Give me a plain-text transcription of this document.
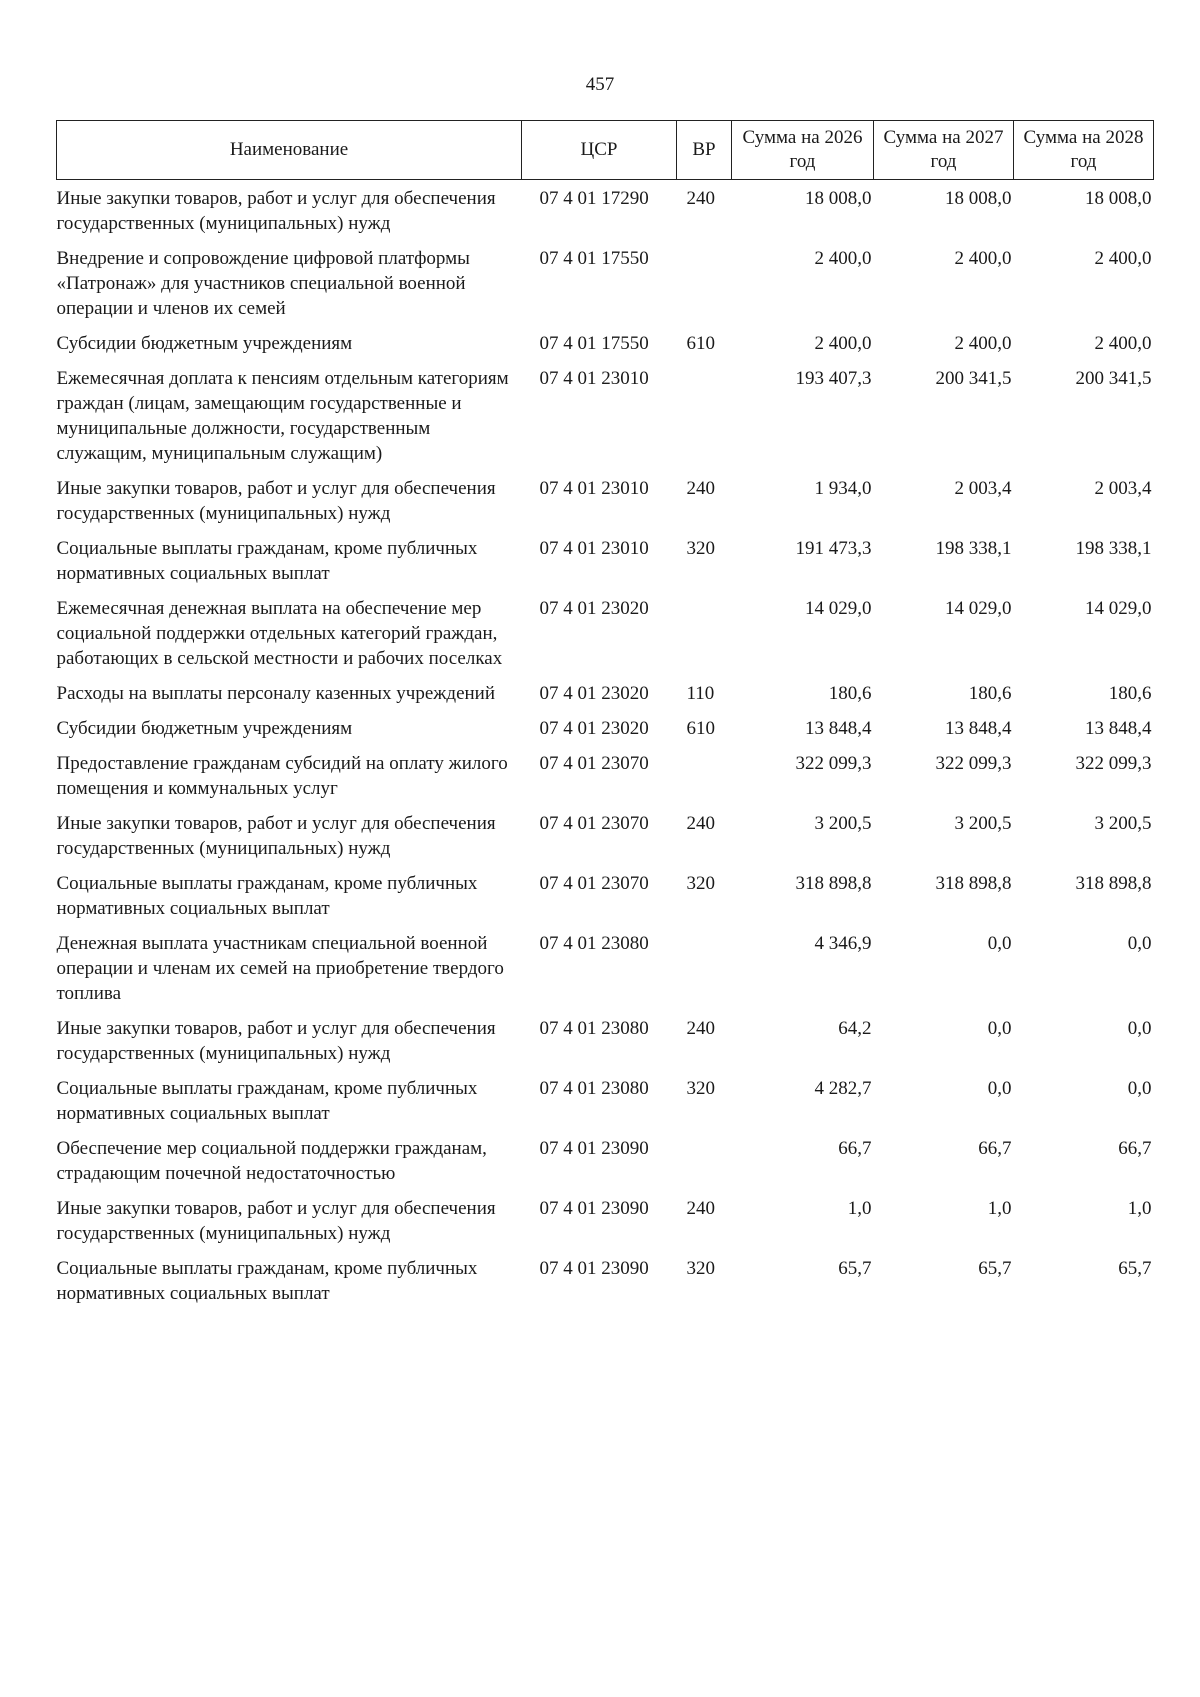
457
Наименование	ЦСР	ВР	Сумма на 2026 год	Сумма на 2027 год	Сумма на 2028 год
Иные закупки товаров, работ и услуг для обеспечения государственных (муниципальных) нужд	07 4 01 17290	240	18 008,0	18 008,0	18 008,0
Внедрение и сопровождение цифровой платформы «Патронаж» для участников специальной военной операции и членов их семей	07 4 01 17550		2 400,0	2 400,0	2 400,0
Субсидии бюджетным учреждениям	07 4 01 17550	610	2 400,0	2 400,0	2 400,0
Ежемесячная доплата к пенсиям отдельным категориям граждан (лицам, замещающим государственные и муниципальные должности, государственным служащим, муниципальным служащим)	07 4 01 23010		193 407,3	200 341,5	200 341,5
Иные закупки товаров, работ и услуг для обеспечения государственных (муниципальных) нужд	07 4 01 23010	240	1 934,0	2 003,4	2 003,4
Социальные выплаты гражданам, кроме публичных нормативных социальных выплат	07 4 01 23010	320	191 473,3	198 338,1	198 338,1
Ежемесячная денежная выплата на обеспечение мер социальной поддержки отдельных категорий граждан, работающих в сельской местности и рабочих поселках	07 4 01 23020		14 029,0	14 029,0	14 029,0
Расходы на выплаты персоналу казенных учреждений	07 4 01 23020	110	180,6	180,6	180,6
Субсидии бюджетным учреждениям	07 4 01 23020	610	13 848,4	13 848,4	13 848,4
Предоставление гражданам субсидий на оплату жилого помещения и коммунальных услуг	07 4 01 23070		322 099,3	322 099,3	322 099,3
Иные закупки товаров, работ и услуг для обеспечения государственных (муниципальных) нужд	07 4 01 23070	240	3 200,5	3 200,5	3 200,5
Социальные выплаты гражданам, кроме публичных нормативных социальных выплат	07 4 01 23070	320	318 898,8	318 898,8	318 898,8
Денежная выплата участникам специальной военной операции и членам их семей на приобретение твердого топлива	07 4 01 23080		4 346,9	0,0	0,0
Иные закупки товаров, работ и услуг для обеспечения государственных (муниципальных) нужд	07 4 01 23080	240	64,2	0,0	0,0
Социальные выплаты гражданам, кроме публичных нормативных социальных выплат	07 4 01 23080	320	4 282,7	0,0	0,0
Обеспечение мер социальной поддержки гражданам, страдающим почечной недостаточностью	07 4 01 23090		66,7	66,7	66,7
Иные закупки товаров, работ и услуг для обеспечения государственных (муниципальных) нужд	07 4 01 23090	240	1,0	1,0	1,0
Социальные выплаты гражданам, кроме публичных нормативных социальных выплат	07 4 01 23090	320	65,7	65,7	65,7
